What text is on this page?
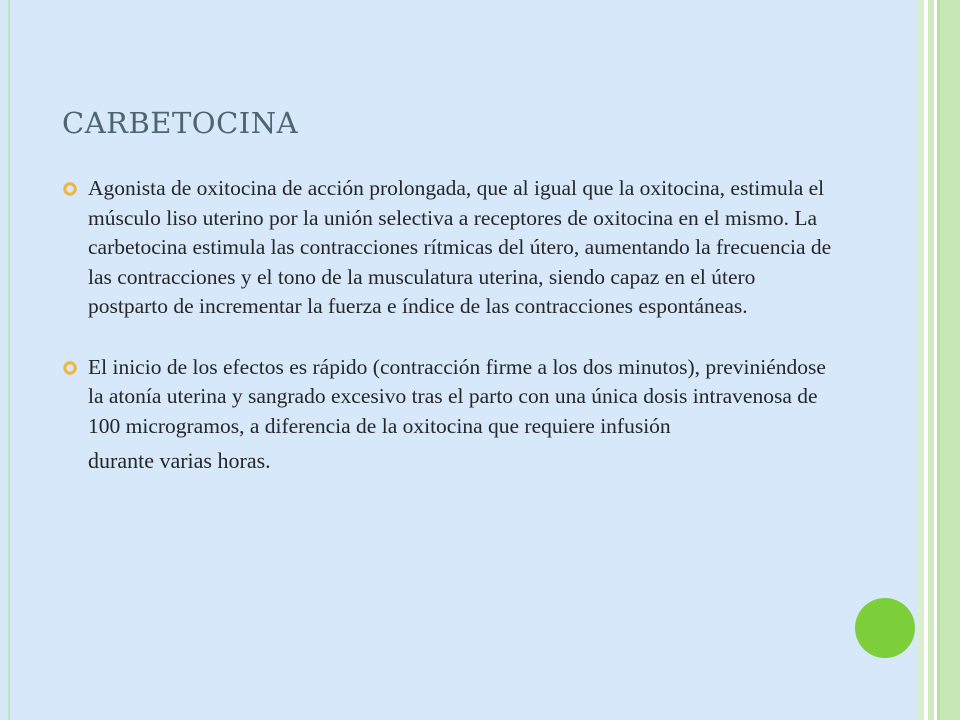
CARBETOCINA
Agonista de oxitocina de acción prolongada, que al igual que la oxitocina, estimula el músculo liso uterino por la unión selectiva a receptores de oxitocina en el mismo. La carbetocina estimula las contracciones rítmicas del útero, aumentando la frecuencia de las contracciones y el tono de la musculatura uterina, siendo capaz en el útero postparto de incrementar la fuerza e índice de las contracciones espontáneas.
El inicio de los efectos es rápido (contracción firme a los dos minutos), previniéndose la atonía uterina y sangrado excesivo tras el parto con una única dosis intravenosa de 100 microgramos, a diferencia de la oxitocina que requiere infusión
durante varias horas.
